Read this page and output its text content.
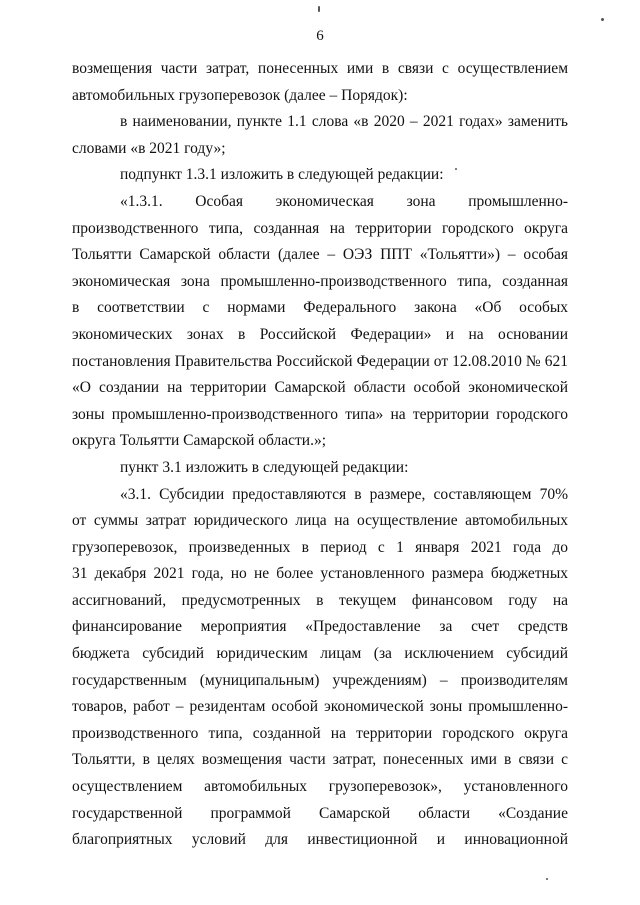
6
возмещения части затрат, понесенных ими в связи с осуществлением
автомобильных грузоперевозок (далее – Порядок):
в наименовании, пункте 1.1 слова «в 2020 – 2021 годах» заменить
словами «в 2021 году»;
подпункт 1.3.1 изложить в следующей редакции:
«1.3.1. Особая экономическая зона промышленно-
производственного типа, созданная на территории городского округа
Тольятти Самарской области (далее – ОЭЗ ППТ «Тольятти») – особая
экономическая зона промышленно-производственного типа, созданная
в соответствии с нормами Федерального закона «Об особых
экономических зонах в Российской Федерации» и на основании
постановления Правительства Российской Федерации от 12.08.2010 № 621
«О создании на территории Самарской области особой экономической
зоны промышленно-производственного типа» на территории городского
округа Тольятти Самарской области.»;
пункт 3.1 изложить в следующей редакции:
«3.1. Субсидии предоставляются в размере, составляющем 70%
от суммы затрат юридического лица на осуществление автомобильных
грузоперевозок, произведенных в период с 1 января 2021 года до
31 декабря 2021 года, но не более установленного размера бюджетных
ассигнований, предусмотренных в текущем финансовом году на
финансирование мероприятия «Предоставление за счет средств
бюджета субсидий юридическим лицам (за исключением субсидий
государственным (муниципальным) учреждениям) – производителям
товаров, работ – резидентам особой экономической зоны промышленно-
производственного типа, созданной на территории городского округа
Тольятти, в целях возмещения части затрат, понесенных ими в связи с
осуществлением автомобильных грузоперевозок», установленного
государственной программой Самарской области «Создание
благоприятных условий для инвестиционной и инновационной
